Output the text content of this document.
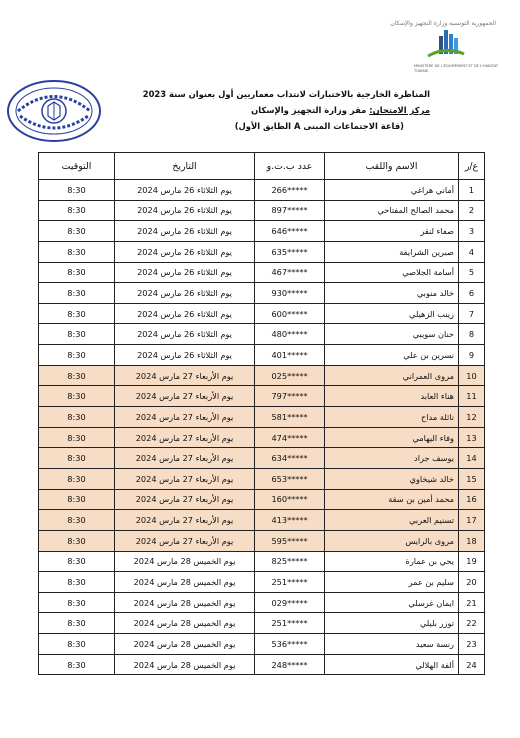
الجمهورية التونسية وزارة التجهيز والإسكان
MINISTÈRE DE L'ÉQUIPEMENT ET DE L'HABITAT
TUNISIE
المناظرة الخارجية بالاختبارات لانتداب معماريين أول بعنوان سنة 2023
مركز الامتحان: مقر وزارة التجهيز والإسكان
(قاعة الاجتماعات المبنى A الطابق الأول)
ع/ر	الاسم واللقب	عدد ب.ت.و	التاريخ	التوقيت
1	أماني هراغي	266*****	يوم الثلاثاء 26 مارس 2024	8:30
2	محمد الصالح المفتاحي	897*****	يوم الثلاثاء 26 مارس 2024	8:30
3	صفاء لنقر	646*****	يوم الثلاثاء 26 مارس 2024	8:30
4	صبرين الشرايفة	635*****	يوم الثلاثاء 26 مارس 2024	8:30
5	أسامة الجلاصي	467*****	يوم الثلاثاء 26 مارس 2024	8:30
6	خالد منوبي	930*****	يوم الثلاثاء 26 مارس 2024	8:30
7	زينب الزهيلي	600*****	يوم الثلاثاء 26 مارس 2024	8:30
8	حنان سويبي	480*****	يوم الثلاثاء 26 مارس 2024	8:30
9	نسرين بن علي	401*****	يوم الثلاثاء 26 مارس 2024	8:30
10	مروى العمراني	025*****	يوم الأربعاء 27 مارس 2024	8:30
11	هناء العابد	797*****	يوم الأربعاء 27 مارس 2024	8:30
12	نائلة مداح	581*****	يوم الأربعاء 27 مارس 2024	8:30
13	وفاء اليهامي	474*****	يوم الأربعاء 27 مارس 2024	8:30
14	يوسف جراد	634*****	يوم الأربعاء 27 مارس 2024	8:30
15	خالد شيخاوي	653*****	يوم الأربعاء 27 مارس 2024	8:30
16	محمد أمين بن سقة	160*****	يوم الأربعاء 27 مارس 2024	8:30
17	تسنيم العربي	413*****	يوم الأربعاء 27 مارس 2024	8:30
18	مروى بالرايس	595*****	يوم الأربعاء 27 مارس 2024	8:30
19	يحي بن عمارة	825*****	يوم الخميس 28 مارس 2024	8:30
20	سليم بن عمر	251*****	يوم الخميس 28 مارس 2024	8:30
21	ايمان غرسلي	029*****	يوم الخميس 28 مارس 2024	8:30
22	توزر بليلي	251*****	يوم الخميس 28 مارس 2024	8:30
23	رنسة سعيد	536*****	يوم الخميس 28 مارس 2024	8:30
24	ألفة الهلالي	248*****	يوم الخميس 28 مارس 2024	8:30
